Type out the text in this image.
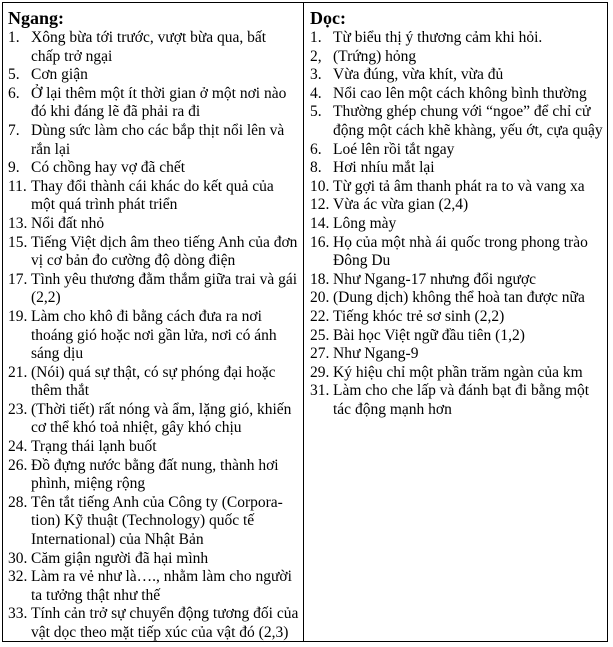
Ngang:
1. Xông bừa tới trước, vượt bừa qua, bất chấp trở ngại
5. Cơn giận
6. Ở lại thêm một ít thời gian ở một nơi nào đó khi đáng lẽ đã phải ra đi
7. Dùng sức làm cho các bắp thịt nổi lên và rắn lại
9. Có chồng hay vợ đã chết
11. Thay đổi thành cái khác do kết quả của một quá trình phát triển
13. Nổi đất nhỏ
15. Tiếng Việt dịch âm theo tiếng Anh của đơn vị cơ bản đo cường độ dòng điện
17. Tình yêu thương đằm thắm giữa trai và gái (2,2)
19. Làm cho khô đi bằng cách đưa ra nơi thoáng gió hoặc nơi gần lửa, nơi có ánh sáng dịu
21. (Nói) quá sự thật, có sự phóng đại hoặc thêm thắt
23. (Thời tiết) rất nóng và ẩm, lặng gió, khiến cơ thể khó toả nhiệt, gây khó chịu
24. Trạng thái lạnh buốt
26. Đồ đựng nước bằng đất nung, thành hơi phình, miệng rộng
28. Tên tắt tiếng Anh của Công ty (Corpora-tion) Kỹ thuật (Technology) quốc tế International) của Nhật Bản
30. Căm giận người đã hại mình
32. Làm ra vẻ như là…., nhằm làm cho người ta tưởng thật như thế
33. Tính cản trở sự chuyển động tương đối của vật dọc theo mặt tiếp xúc của vật đó (2,3)
Dọc:
1. Từ biểu thị ý thương cảm khi hỏi.
2, (Trứng) hỏng
3. Vừa đúng, vừa khít, vừa đủ
4. Nổi cao lên một cách không bình thường
5. Thường ghép chung với “ngoe” để chỉ cử động một cách khẽ khàng, yếu ớt, cựa quậy
6. Loé lên rồi tắt ngay
8. Hơi nhíu mắt lại
10. Từ gợi tả âm thanh phát ra to và vang xa
12. Vừa ác vừa gian (2,4)
14. Lông mày
16. Họ của một nhà ái quốc trong phong trào Đông Du
18. Như Ngang-17 nhưng đổi ngược
20. (Dung dịch) không thể hoà tan được nữa
22. Tiếng khóc trẻ sơ sinh (2,2)
25. Bài học Việt ngữ đầu tiên (1,2)
27. Như Ngang-9
29. Ký hiệu chỉ một phần trăm ngàn của km
31. Làm cho che lấp và đánh bạt đi bằng một tác động mạnh hơn
